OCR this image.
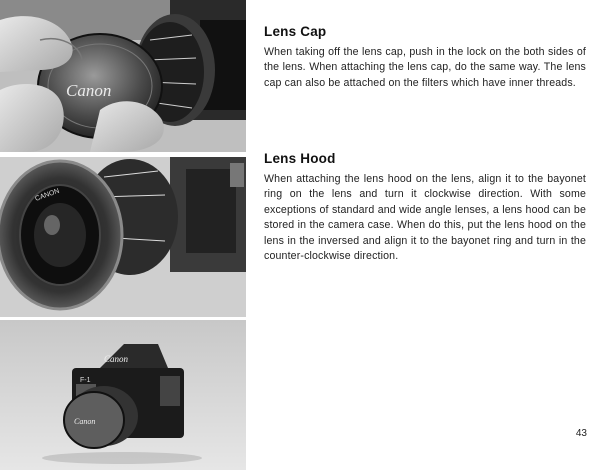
Canon
CANON
Canon
F-1
Canon
Lens Cap

When taking off the lens cap, push in the lock on the both sides of the lens. When attaching the lens cap, do the same way. The lens cap can also be attached on the filters which have inner threads.

Lens Hood

When attaching the lens hood on the lens, align it to the bayonet ring on the lens and turn it clockwise direction. With some exceptions of standard and wide angle lenses, a lens hood can be stored in the camera case. When do this, put the lens hood on the lens in the inversed and align it to the bayonet ring and turn in the counter-clockwise direction.

43
